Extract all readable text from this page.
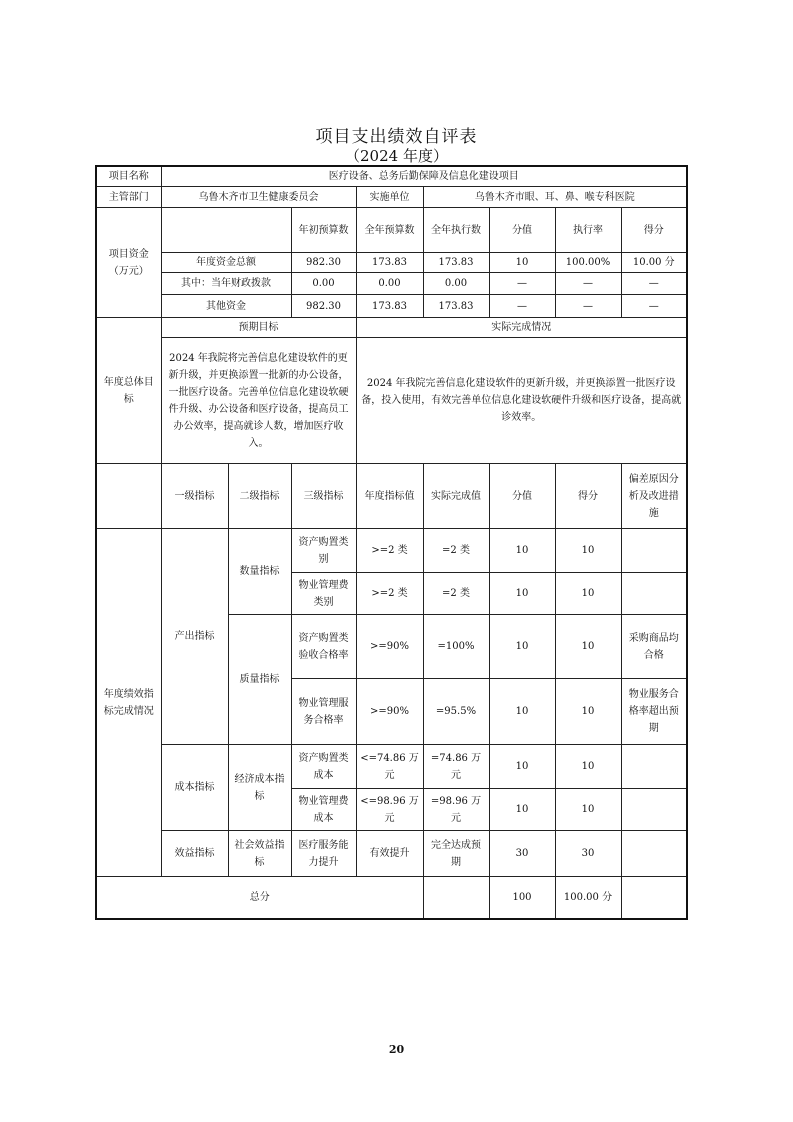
项目支出绩效自评表
（2024 年度）
项目名称	医疗设备、总务后勤保障及信息化建设项目							
主管部门	乌鲁木齐市卫生健康委员会			实施单位	乌鲁木齐市眼、耳、鼻、喉专科医院			
项目资金（万元）			年初预算数	全年预算数	全年执行数	分值	执行率	得分
	年度资金总额		982.30	173.83	173.83	10	100.00%	10.00 分
	其中：当年财政拨款		0.00	0.00	0.00	—	—	—
	其他资金		982.30	173.83	173.83	—	—	—
年度总体目标	预期目标			实际完成情况				
	2024 年我院将完善信息化建设软件的更新升级，并更换添置一批新的办公设备，一批医疗设备。完善单位信息化建设软硬件升级、办公设备和医疗设备，提高员工办公效率，提高就诊人数，增加医疗收入。			2024 年我院完善信息化建设软件的更新升级，并更换添置一批医疗设备，投入使用，有效完善单位信息化建设软硬件升级和医疗设备，提高就诊效率。				
	一级指标	二级指标	三级指标	年度指标值	实际完成值	分值	得分	偏差原因分析及改进措施
年度绩效指标完成情况	产出指标	数量指标	资产购置类别	>=2 类	=2 类	10	10	
			物业管理费类别	>=2 类	=2 类	10	10	
		质量指标	资产购置类验收合格率	>=90%	=100%	10	10	采购商品均合格
			物业管理服务合格率	>=90%	=95.5%	10	10	物业服务合格率超出预期
	成本指标	经济成本指标	资产购置类成本	<=74.86 万元	=74.86 万元	10	10	
			物业管理费成本	<=98.96 万元	=98.96 万元	10	10	
	效益指标	社会效益指标	医疗服务能力提升	有效提升	完全达成预期	30	30	
总分						100	100.00 分	
20
